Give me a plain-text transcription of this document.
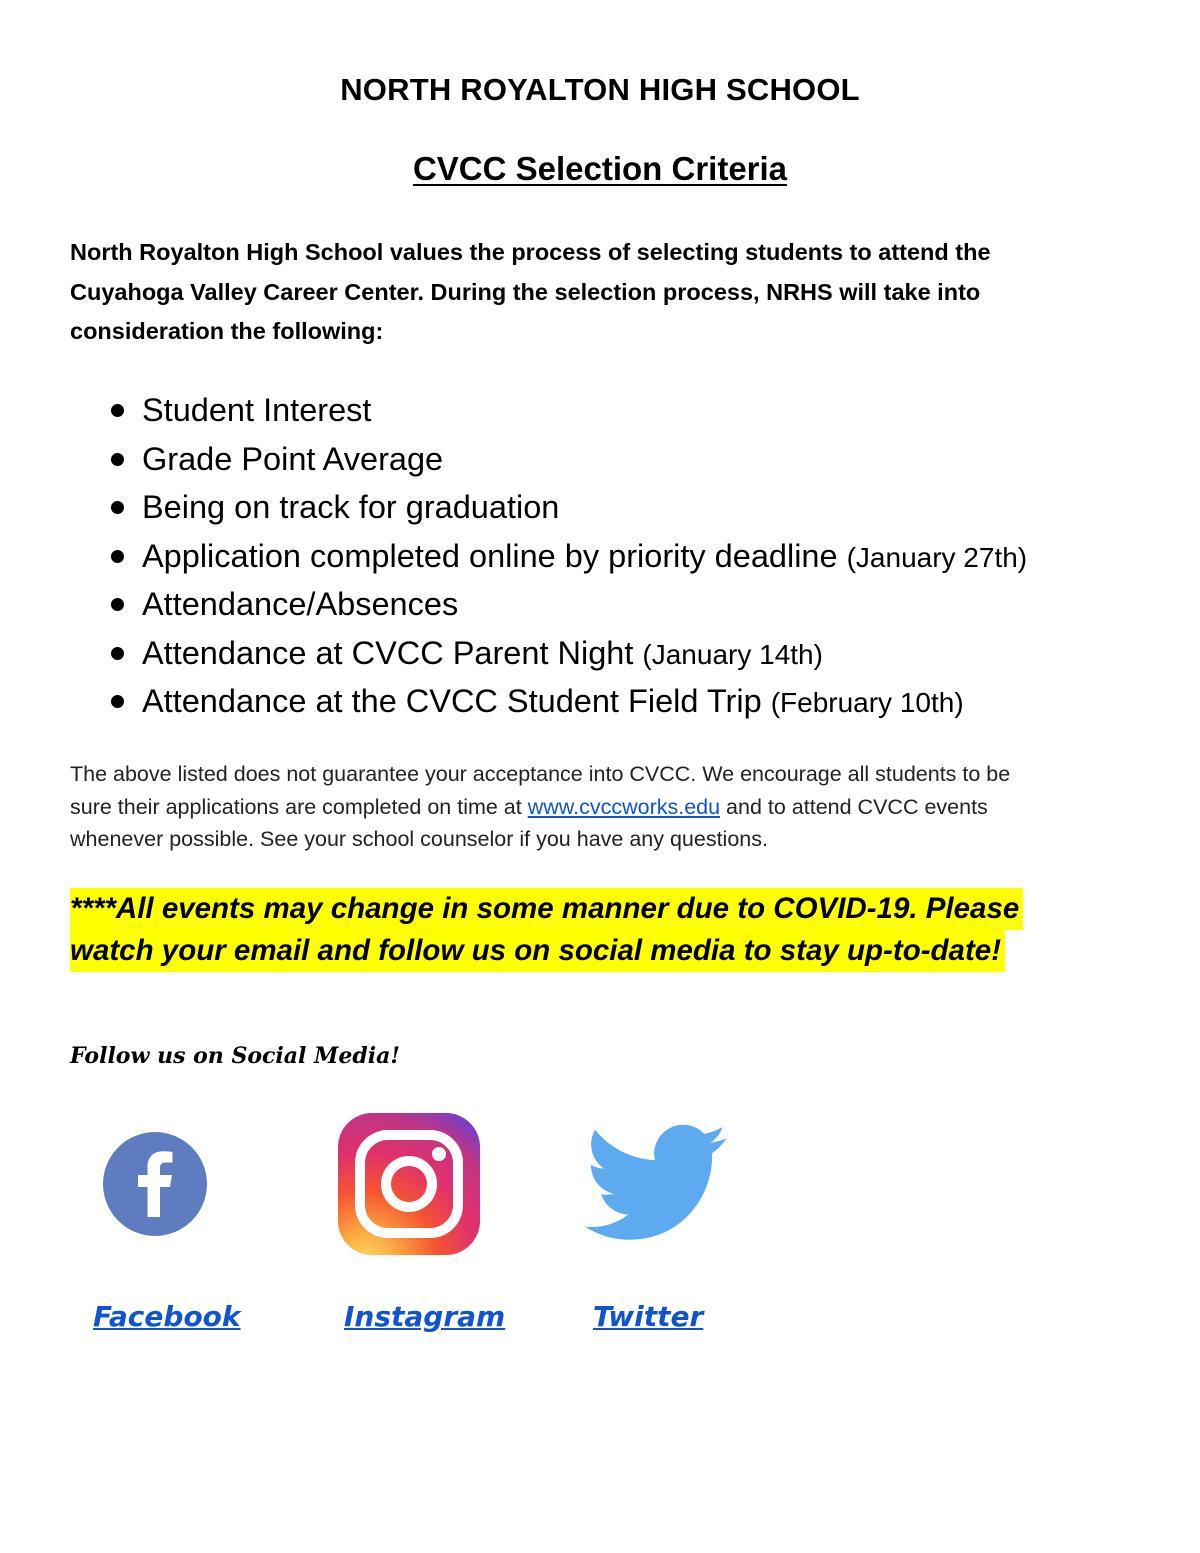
NORTH ROYALTON HIGH SCHOOL
CVCC Selection Criteria
North Royalton High School values the process of selecting students to attend the
Cuyahoga Valley Career Center. During the selection process, NRHS will take into
consideration the following:
Student Interest
Grade Point Average
Being on track for graduation
Application completed online by priority deadline (January 27th)
Attendance/Absences
Attendance at CVCC Parent Night (January 14th)
Attendance at the CVCC Student Field Trip (February 10th)
The above listed does not guarantee your acceptance into CVCC. We encourage all students to be
sure their applications are completed on time at www.cvccworks.edu and to attend CVCC events
whenever possible. See your school counselor if you have any questions.
****All events may change in some manner due to COVID-19. Please
watch your email and follow us on social media to stay up-to-date!
Follow us on Social Media!
Facebook	Instagram	Twitter
